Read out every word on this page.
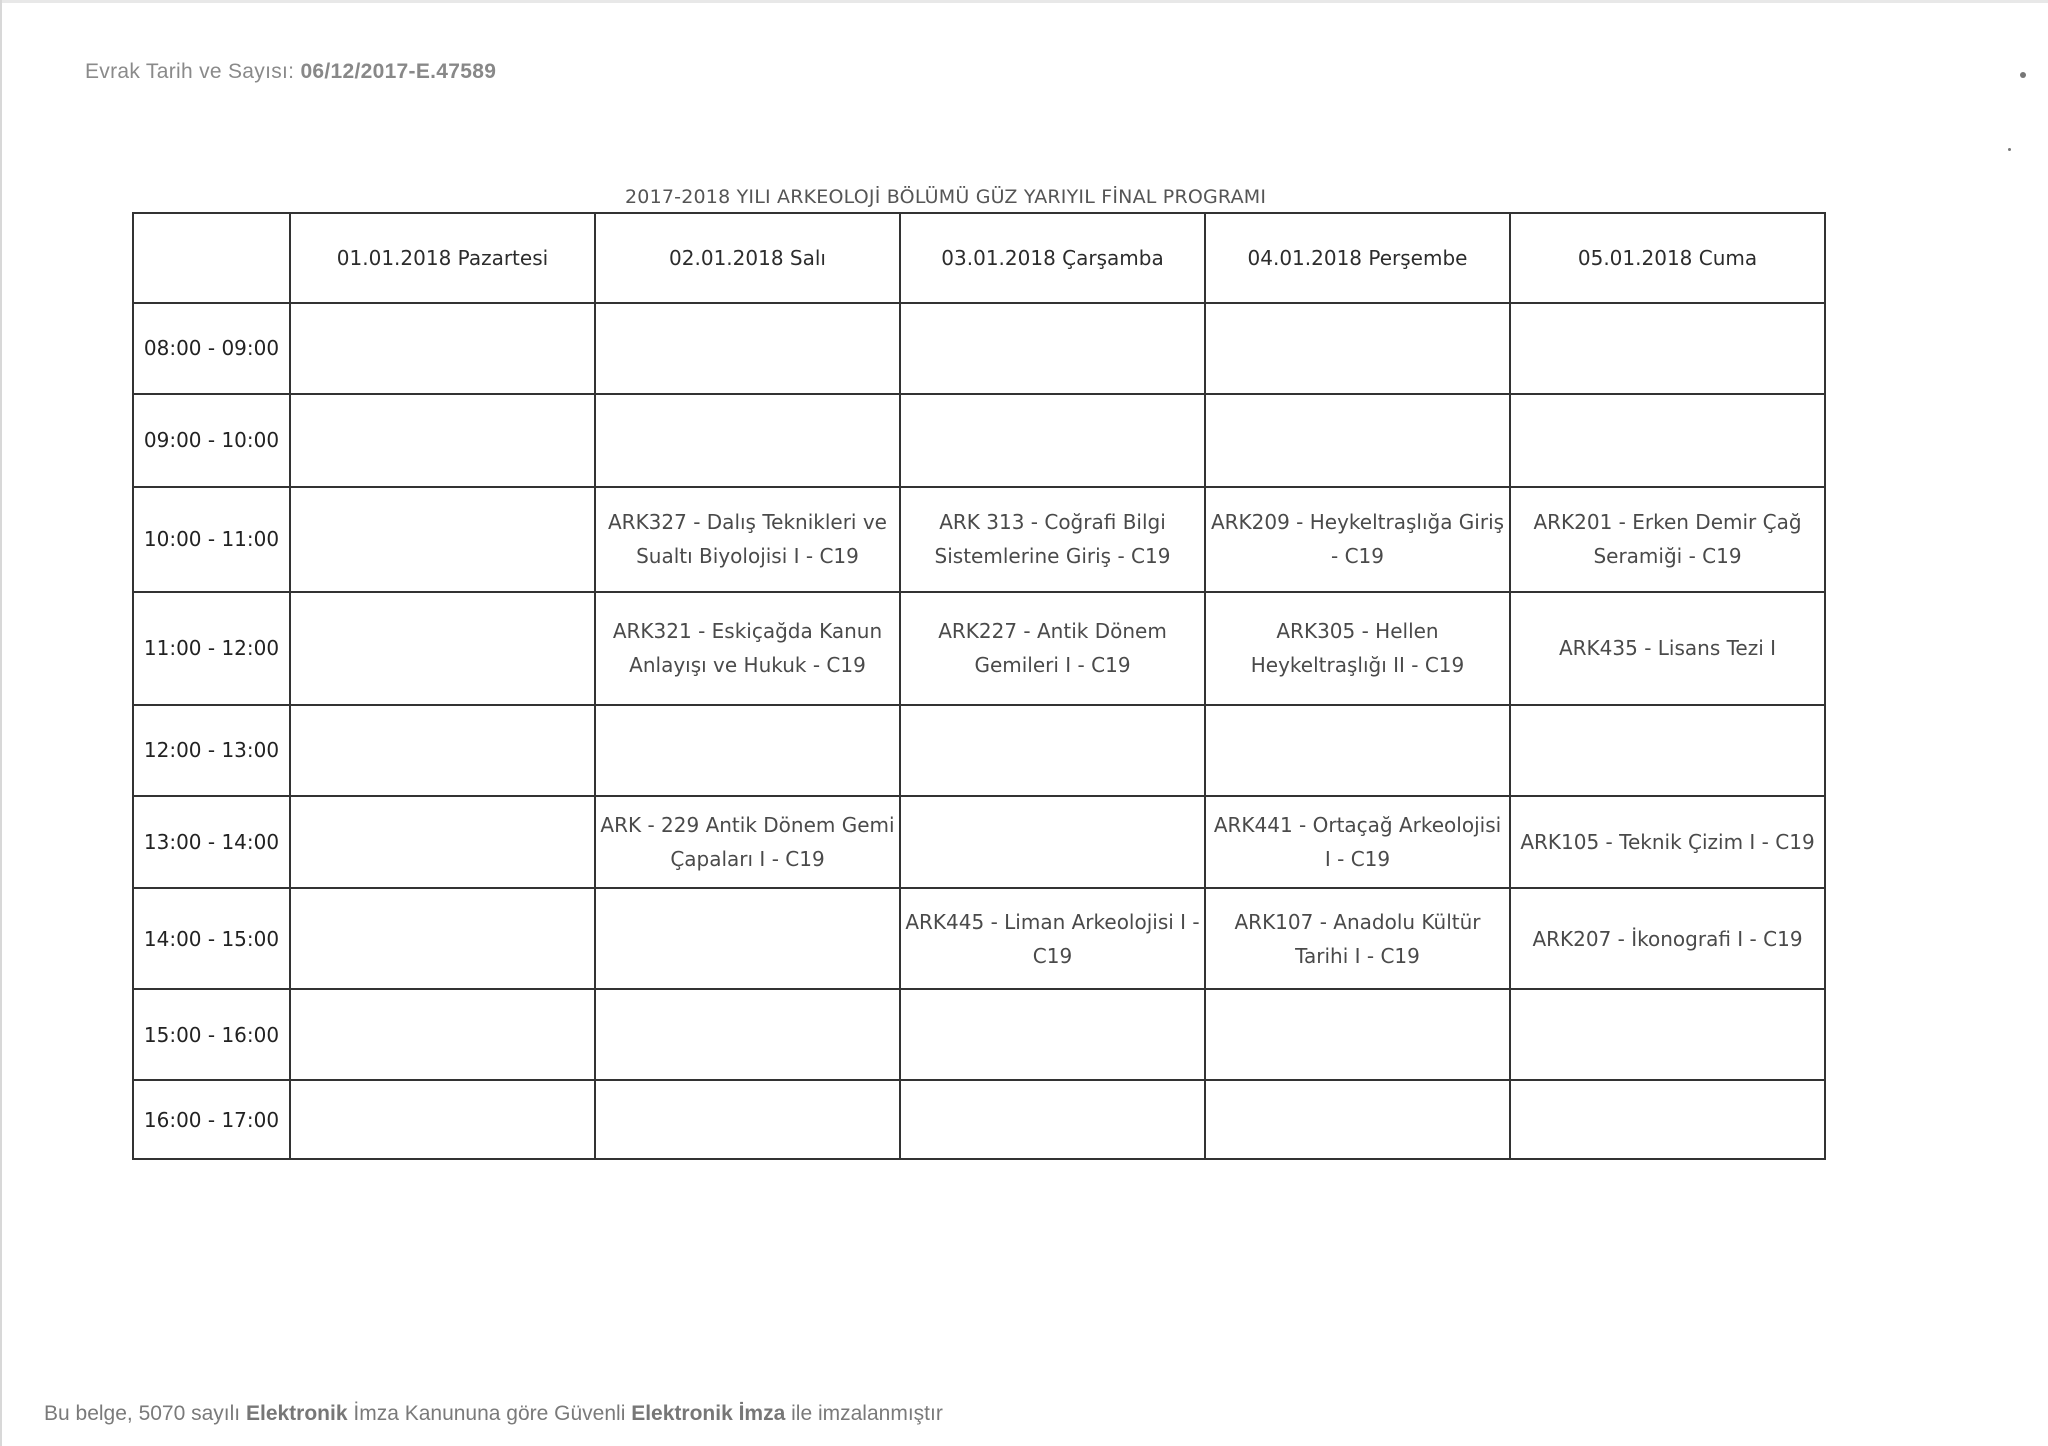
Evrak Tarih ve Sayısı: 06/12/2017-E.47589
2017-2018 YILI ARKEOLOJİ BÖLÜMÜ GÜZ YARIYIL FİNAL PROGRAMI
	01.01.2018 Pazartesi	02.01.2018 Salı	03.01.2018 Çarşamba	04.01.2018 Perşembe	05.01.2018 Cuma
08:00 - 09:00					
09:00 - 10:00					
10:00 - 11:00		ARK327 - Dalış Teknikleri ve Sualtı Biyolojisi I - C19	ARK 313 - Coğrafi Bilgi Sistemlerine Giriş - C19	ARK209 - Heykeltraşlığa Giriş - C19	ARK201 - Erken Demir Çağ Seramiği - C19
11:00 - 12:00		ARK321 - Eskiçağda Kanun Anlayışı ve Hukuk - C19	ARK227 - Antik Dönem Gemileri I - C19	ARK305 - Hellen Heykeltraşlığı II - C19	ARK435 - Lisans Tezi I
12:00 - 13:00					
13:00 - 14:00		ARK - 229 Antik Dönem Gemi Çapaları I - C19		ARK441 - Ortaçağ Arkeolojisi I - C19	ARK105 - Teknik Çizim I - C19
14:00 - 15:00			ARK445 - Liman Arkeolojisi I - C19	ARK107 - Anadolu Kültür Tarihi I - C19	ARK207 - İkonografi I - C19
15:00 - 16:00					
16:00 - 17:00					
Bu belge, 5070 sayılı Elektronik İmza Kanununa göre Güvenli Elektronik İmza ile imzalanmıştır
